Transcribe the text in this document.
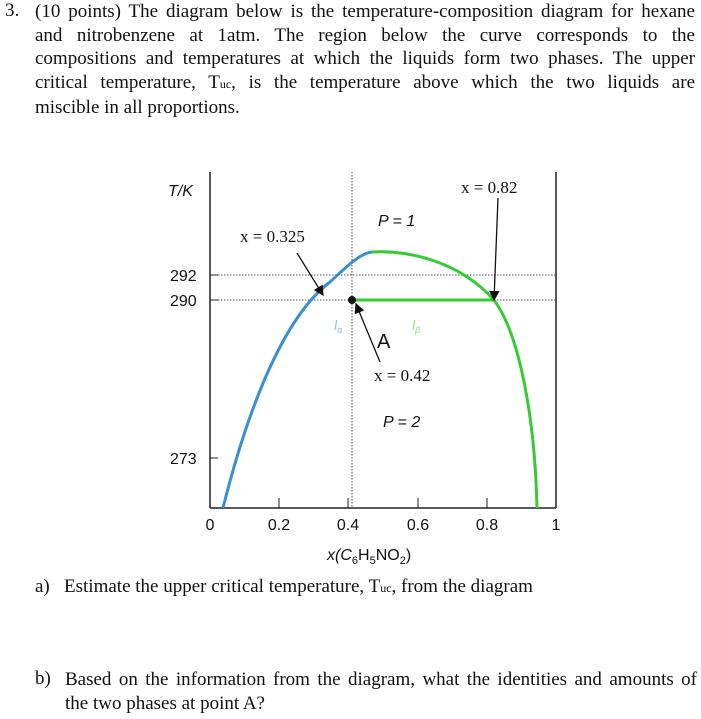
3. (10 points) The diagram below is the temperature-composition diagram for hexane
and nitrobenzene at 1atm. The region below the curve corresponds to the
compositions and temperatures at which the liquids form two phases. The upper
critical temperature, Tuc, is the temperature above which the two liquids are
miscible in all proportions.
T/K
292
290
273
0	0.2	0.4	0.6	0.8	1
$x(C_6H_5NO_2)$
P = 1
P = 2
A
$l_\alpha$	$l_\beta$
x = 0.325
x = 0.82
x = 0.42
a) Estimate the upper critical temperature, Tuc, from the diagram
b) Based on the information from the diagram, what the identities and amounts of
the two phases at point A?
